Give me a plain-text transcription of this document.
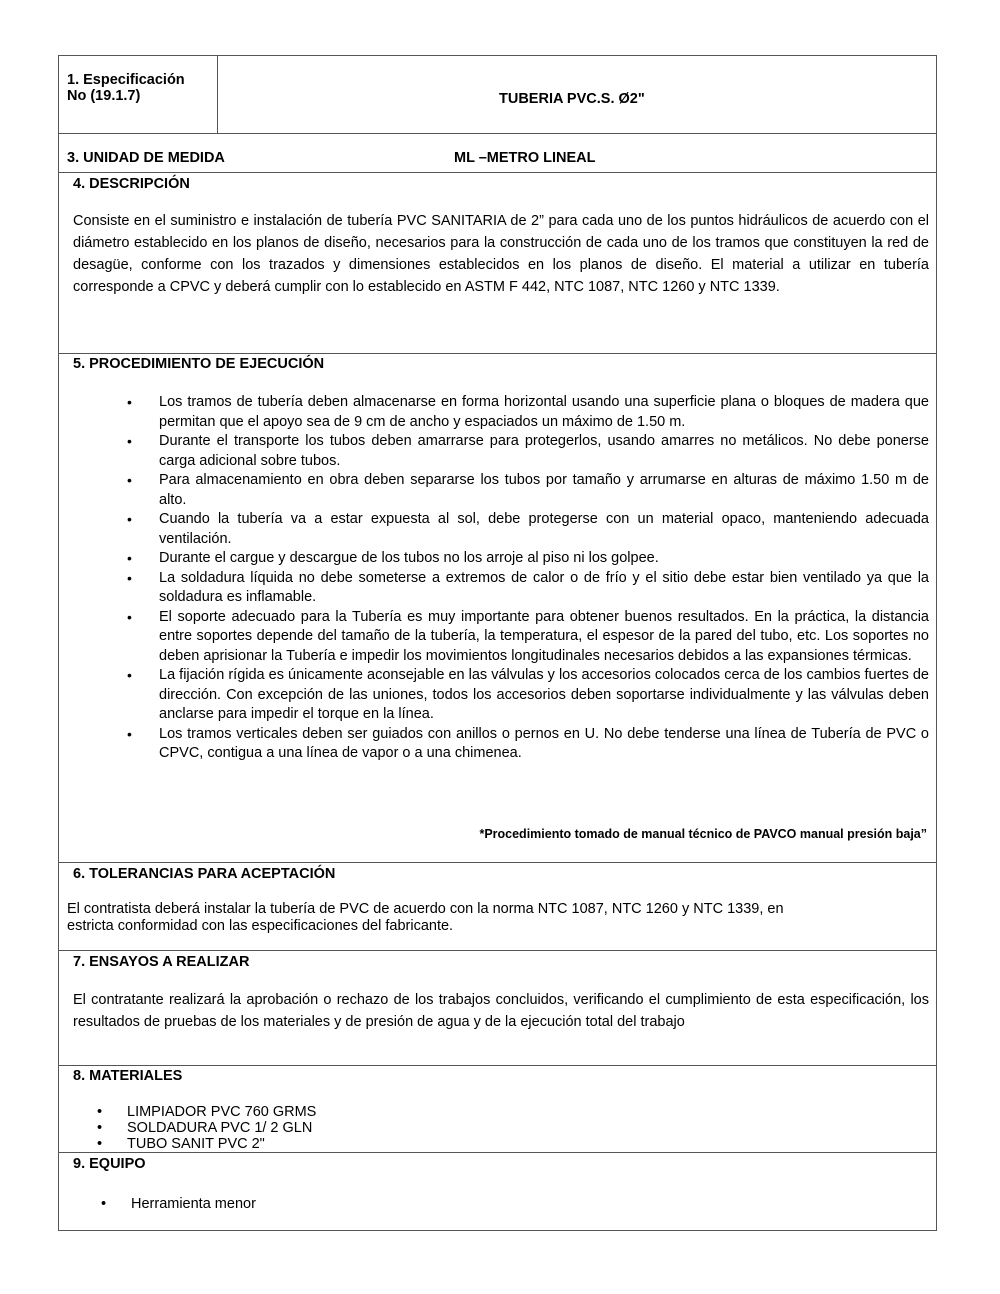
1. Especificación
No (19.1.7)	TUBERIA PVC.S. Ø2"
3. UNIDAD DE MEDIDA	ML –METRO LINEAL
4. DESCRIPCIÓN
Consiste en el suministro e instalación de tubería PVC SANITARIA de 2” para cada uno de los puntos hidráulicos de acuerdo con el diámetro establecido en los planos de diseño, necesarios para la construcción de cada uno de los tramos que constituyen la red de desagüe, conforme con los trazados y dimensiones establecidos en los planos de diseño. El material a utilizar en tubería corresponde a CPVC y deberá cumplir con lo establecido en ASTM F 442, NTC 1087, NTC 1260 y NTC 1339.
5. PROCEDIMIENTO DE EJECUCIÓN
• Los tramos de tubería deben almacenarse en forma horizontal usando una superficie plana o bloques de madera que permitan que el apoyo sea de 9 cm de ancho y espaciados un máximo de 1.50 m.
• Durante el transporte los tubos deben amarrarse para protegerlos, usando amarres no metálicos. No debe ponerse carga adicional sobre tubos.
• Para almacenamiento en obra deben separarse los tubos por tamaño y arrumarse en alturas de máximo 1.50 m de alto.
• Cuando la tubería va a estar expuesta al sol, debe protegerse con un material opaco, manteniendo adecuada ventilación.
• Durante el cargue y descargue de los tubos no los arroje al piso ni los golpee.
• La soldadura líquida no debe someterse a extremos de calor o de frío y el sitio debe estar bien ventilado ya que la soldadura es inflamable.
• El soporte adecuado para la Tubería es muy importante para obtener buenos resultados. En la práctica, la distancia entre soportes depende del tamaño de la tubería, la temperatura, el espesor de la pared del tubo, etc. Los soportes no deben aprisionar la Tubería e impedir los movimientos longitudinales necesarios debidos a las expansiones térmicas.
• La fijación rígida es únicamente aconsejable en las válvulas y los accesorios colocados cerca de los cambios fuertes de dirección. Con excepción de las uniones, todos los accesorios deben soportarse individualmente y las válvulas deben anclarse para impedir el torque en la línea.
• Los tramos verticales deben ser guiados con anillos o pernos en U. No debe tenderse una línea de Tubería de PVC o CPVC, contigua a una línea de vapor o a una chimenea.
*Procedimiento tomado de manual técnico de PAVCO manual presión baja”
6. TOLERANCIAS PARA ACEPTACIÓN
El contratista deberá instalar la tubería de PVC de acuerdo con la norma NTC 1087, NTC 1260 y NTC 1339, en
estricta conformidad con las especificaciones del fabricante.
7. ENSAYOS A REALIZAR
El contratante realizará la aprobación o rechazo de los trabajos concluidos, verificando el cumplimiento de esta especificación, los resultados de pruebas de los materiales y de presión de agua y de la ejecución total del trabajo
8. MATERIALES
• LIMPIADOR PVC 760 GRMS
• SOLDADURA PVC 1/ 2 GLN
• TUBO SANIT PVC 2"
9. EQUIPO
• Herramienta menor
